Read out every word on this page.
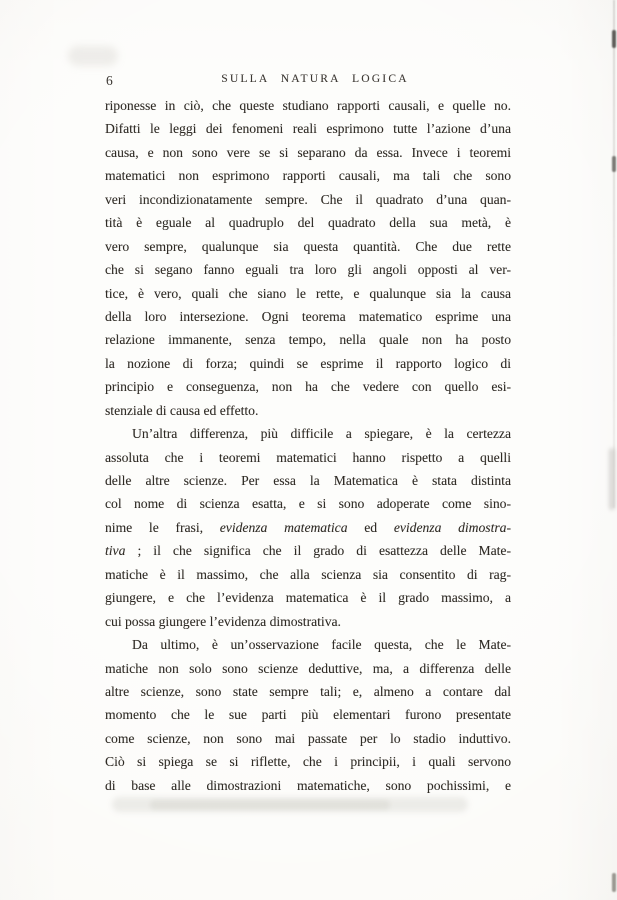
6	SULLA NATURA LOGICA
riponesse in ciò, che queste studiano rapporti causali, e quelle no.
Difatti le leggi dei fenomeni reali esprimono tutte l’azione d’una
causa, e non sono vere se si separano da essa. Invece i teoremi
matematici non esprimono rapporti causali, ma tali che sono
veri incondizionatamente sempre. Che il quadrato d’una quan-
tità è eguale al quadruplo del quadrato della sua metà, è
vero sempre, qualunque sia questa quantità. Che due rette
che si segano fanno eguali tra loro gli angoli opposti al ver-
tice, è vero, quali che siano le rette, e qualunque sia la causa
della loro intersezione. Ogni teorema matematico esprime una
relazione immanente, senza tempo, nella quale non ha posto
la nozione di forza; quindi se esprime il rapporto logico di
principio e conseguenza, non ha che vedere con quello esi-
stenziale di causa ed effetto.
Un’altra differenza, più difficile a spiegare, è la certezza
assoluta che i teoremi matematici hanno rispetto a quelli
delle altre scienze. Per essa la Matematica è stata distinta
col nome di scienza esatta, e si sono adoperate come sino-
nime le frasi, evidenza matematica ed evidenza dimostra-
tiva ; il che significa che il grado di esattezza delle Mate-
matiche è il massimo, che alla scienza sia consentito di rag-
giungere, e che l’evidenza matematica è il grado massimo, a
cui possa giungere l’evidenza dimostrativa.
Da ultimo, è un’osservazione facile questa, che le Mate-
matiche non solo sono scienze deduttive, ma, a differenza delle
altre scienze, sono state sempre tali; e, almeno a contare dal
momento che le sue parti più elementari furono presentate
come scienze, non sono mai passate per lo stadio induttivo.
Ciò si spiega se si riflette, che i principii, i quali servono
di base alle dimostrazioni matematiche, sono pochissimi, e
